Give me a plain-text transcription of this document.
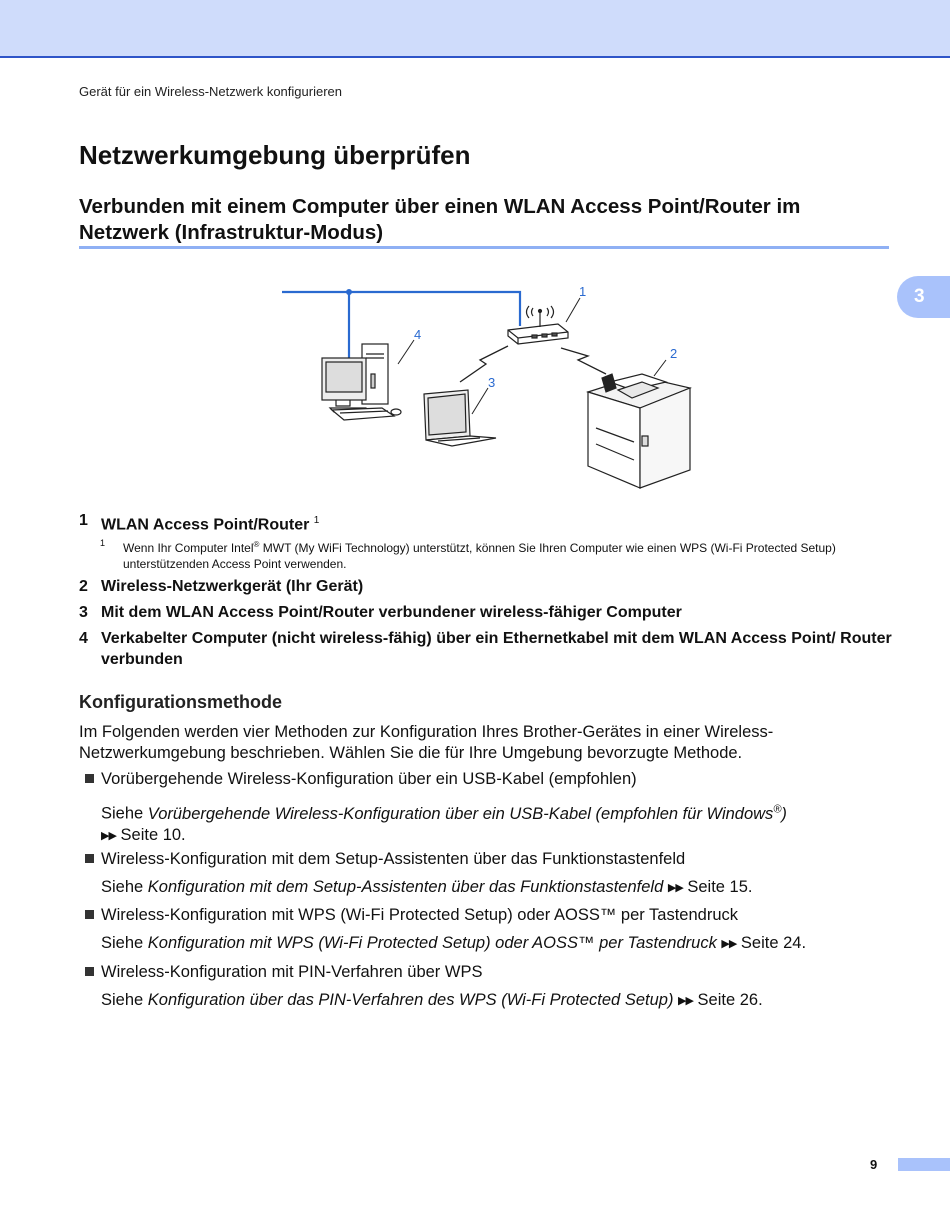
Gerät für ein Wireless-Netzwerk konfigurieren
3
Netzwerkumgebung überprüfen
Verbunden mit einem Computer über einen WLAN Access Point/Router im Netzwerk (Infrastruktur-Modus)
1
2
3
4
1 WLAN Access Point/Router $^1$
1	Wenn Ihr Computer Intel® MWT (My WiFi Technology) unterstützt, können Sie Ihren Computer wie einen WPS (Wi-Fi Protected Setup) unterstützenden Access Point verwenden.
2 Wireless-Netzwerkgerät (Ihr Gerät)
3 Mit dem WLAN Access Point/Router verbundener wireless-fähiger Computer
4 Verkabelter Computer (nicht wireless-fähig) über ein Ethernetkabel mit dem WLAN Access Point/ Router verbunden
Konfigurationsmethode
Im Folgenden werden vier Methoden zur Konfiguration Ihres Brother-Gerätes in einer Wireless-Netzwerkumgebung beschrieben. Wählen Sie die für Ihre Umgebung bevorzugte Methode.
Vorübergehende Wireless-Konfiguration über ein USB-Kabel (empfohlen)
Siehe Vorübergehende Wireless-Konfiguration über ein USB-Kabel (empfohlen für Windows®)
▶▶ Seite 10.
Wireless-Konfiguration mit dem Setup-Assistenten über das Funktionstastenfeld
Siehe Konfiguration mit dem Setup-Assistenten über das Funktionstastenfeld ▶▶ Seite 15.
Wireless-Konfiguration mit WPS (Wi-Fi Protected Setup) oder AOSS™ per Tastendruck
Siehe Konfiguration mit WPS (Wi-Fi Protected Setup) oder AOSS™ per Tastendruck ▶▶ Seite 24.
Wireless-Konfiguration mit PIN-Verfahren über WPS
Siehe Konfiguration über das PIN-Verfahren des WPS (Wi-Fi Protected Setup) ▶▶ Seite 26.
9
